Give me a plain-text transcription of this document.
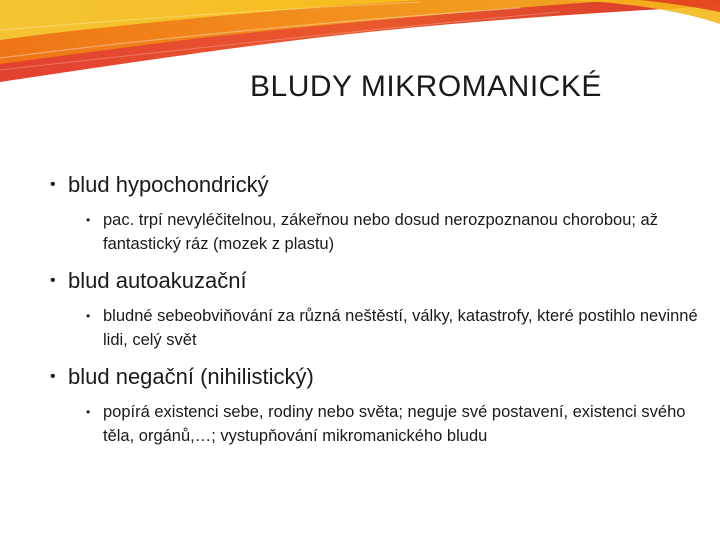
BLUDY MIKROMANICKÉ
• blud hypochondrický
• pac. trpí nevyléčitelnou, zákeřnou nebo dosud nerozpoznanou chorobou; až fantastický ráz (mozek z plastu)
• blud autoakuzační
• bludné sebeobviňování za různá neštěstí, války, katastrofy, které postihlo nevinné lidi, celý svět
• blud negační (nihilistický)
• popírá existenci sebe, rodiny nebo světa; neguje své postavení, existenci svého těla, orgánů,…; vystupňování mikromanického bludu
